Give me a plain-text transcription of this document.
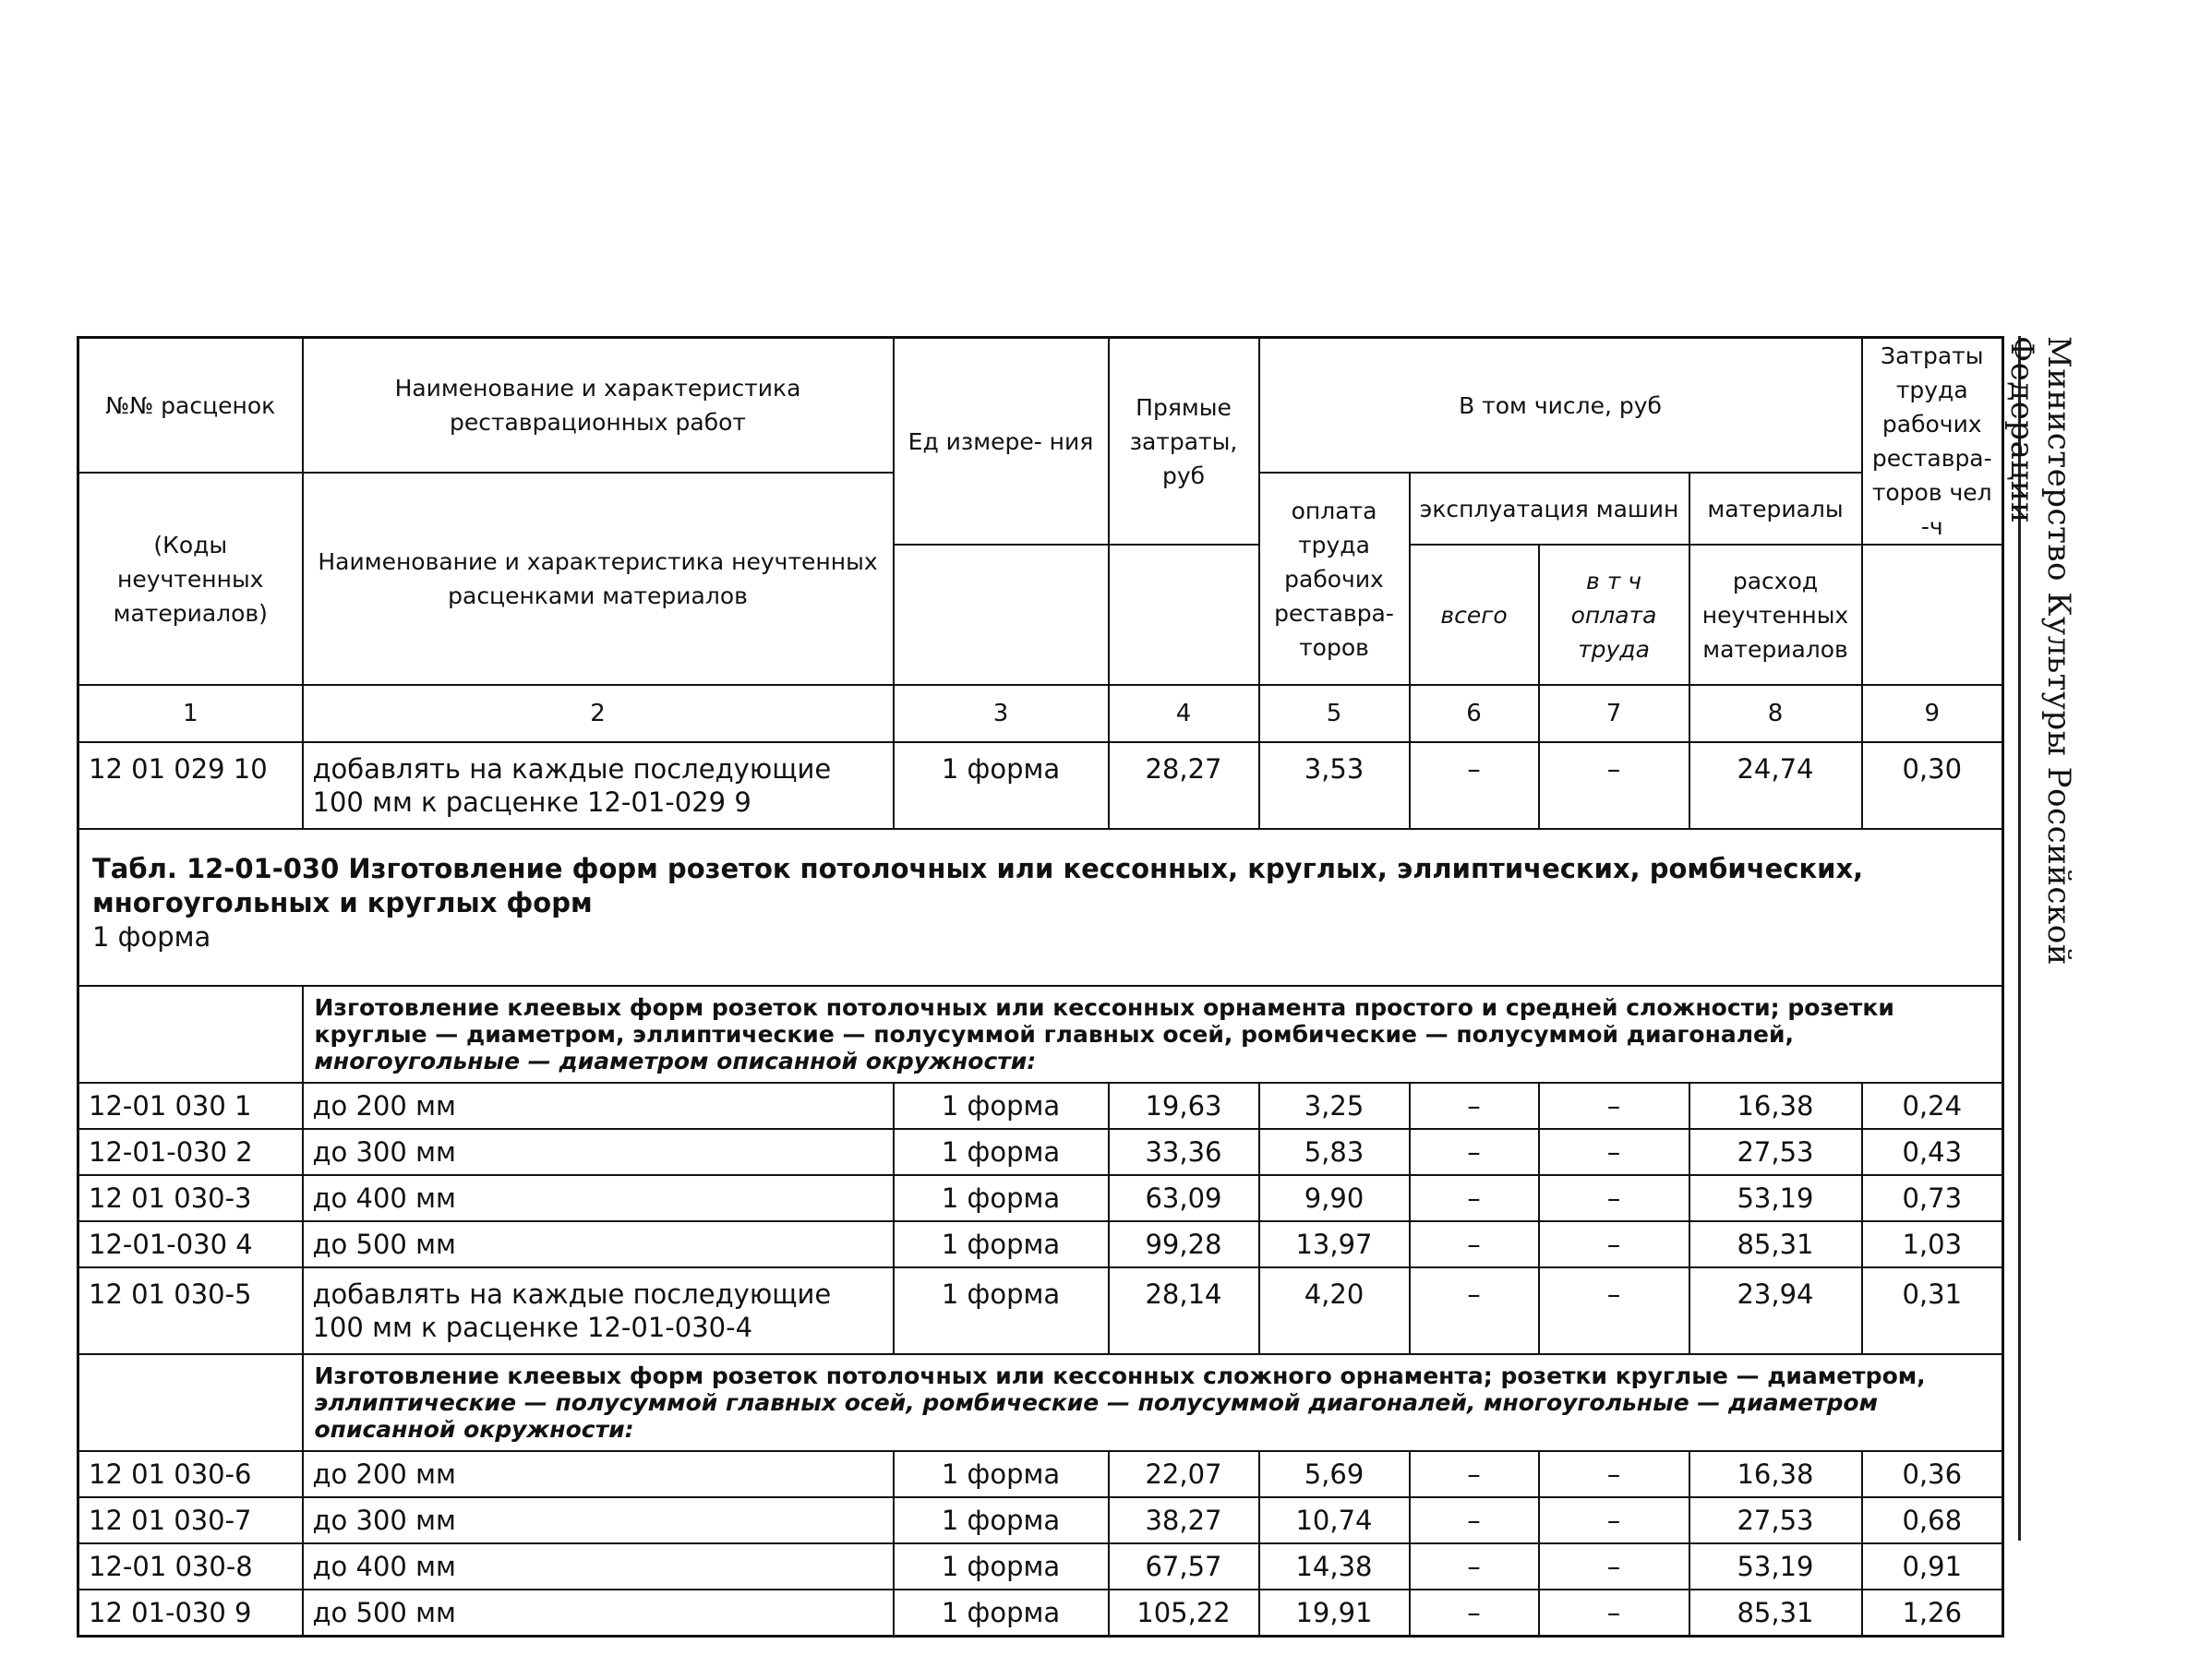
Министерство Культуры Российской Федерации
№№ расценок	Наименование и характеристика реставрационных работ	Ед измере- ния	Прямые затраты, руб	В том числе, руб				Затраты труда рабочих реставра- торов чел -ч
(Коды неучтенных материалов)	Наименование и характеристика неучтенных расценками материалов			оплата труда рабочих реставра- торов	эксплуатация машин		материалы	
					всего	в т ч оплата труда	расход неучтенных материалов	
1	2	3	4	5	6	7	8	9
12 01 029 10	добавлять на каждые последующие 100 мм к расценке 12-01-029 9	1 форма	28,27	3,53	–	–	24,74	0,30

Табл. 12-01-030 Изготовление форм розеток потолочных или кессонных, круглых, эллиптических, ромбических, многоугольных и круглых форм
1 форма								

	Изготовление клеевых форм розеток потолочных или кессонных орнамента простого и средней сложности; розетки круглые — диаметром, эллиптические — полусуммой главных осей, ромбические — полусуммой диагоналей, многоугольные — диаметром описанной окружности:							
12-01 030 1	до 200 мм	1 форма	19,63	3,25	–	–	16,38	0,24
12-01-030 2	до 300 мм	1 форма	33,36	5,83	–	–	27,53	0,43
12 01 030-3	до 400 мм	1 форма	63,09	9,90	–	–	53,19	0,73
12-01-030 4	до 500 мм	1 форма	99,28	13,97	–	–	85,31	1,03
12 01 030-5	добавлять на каждые последующие 100 мм к расценке 12-01-030-4	1 форма	28,14	4,20	–	–	23,94	0,31
	Изготовление клеевых форм розеток потолочных или кессонных сложного орнамента; розетки круглые — диаметром, эллиптические — полусуммой главных осей, ромбические — полусуммой диагоналей, многоугольные — диаметром описанной окружности:							
12 01 030-6	до 200 мм	1 форма	22,07	5,69	–	–	16,38	0,36
12 01 030-7	до 300 мм	1 форма	38,27	10,74	–	–	27,53	0,68
12-01 030-8	до 400 мм	1 форма	67,57	14,38	–	–	53,19	0,91
12 01-030 9	до 500 мм	1 форма	105,22	19,91	–	–	85,31	1,26
